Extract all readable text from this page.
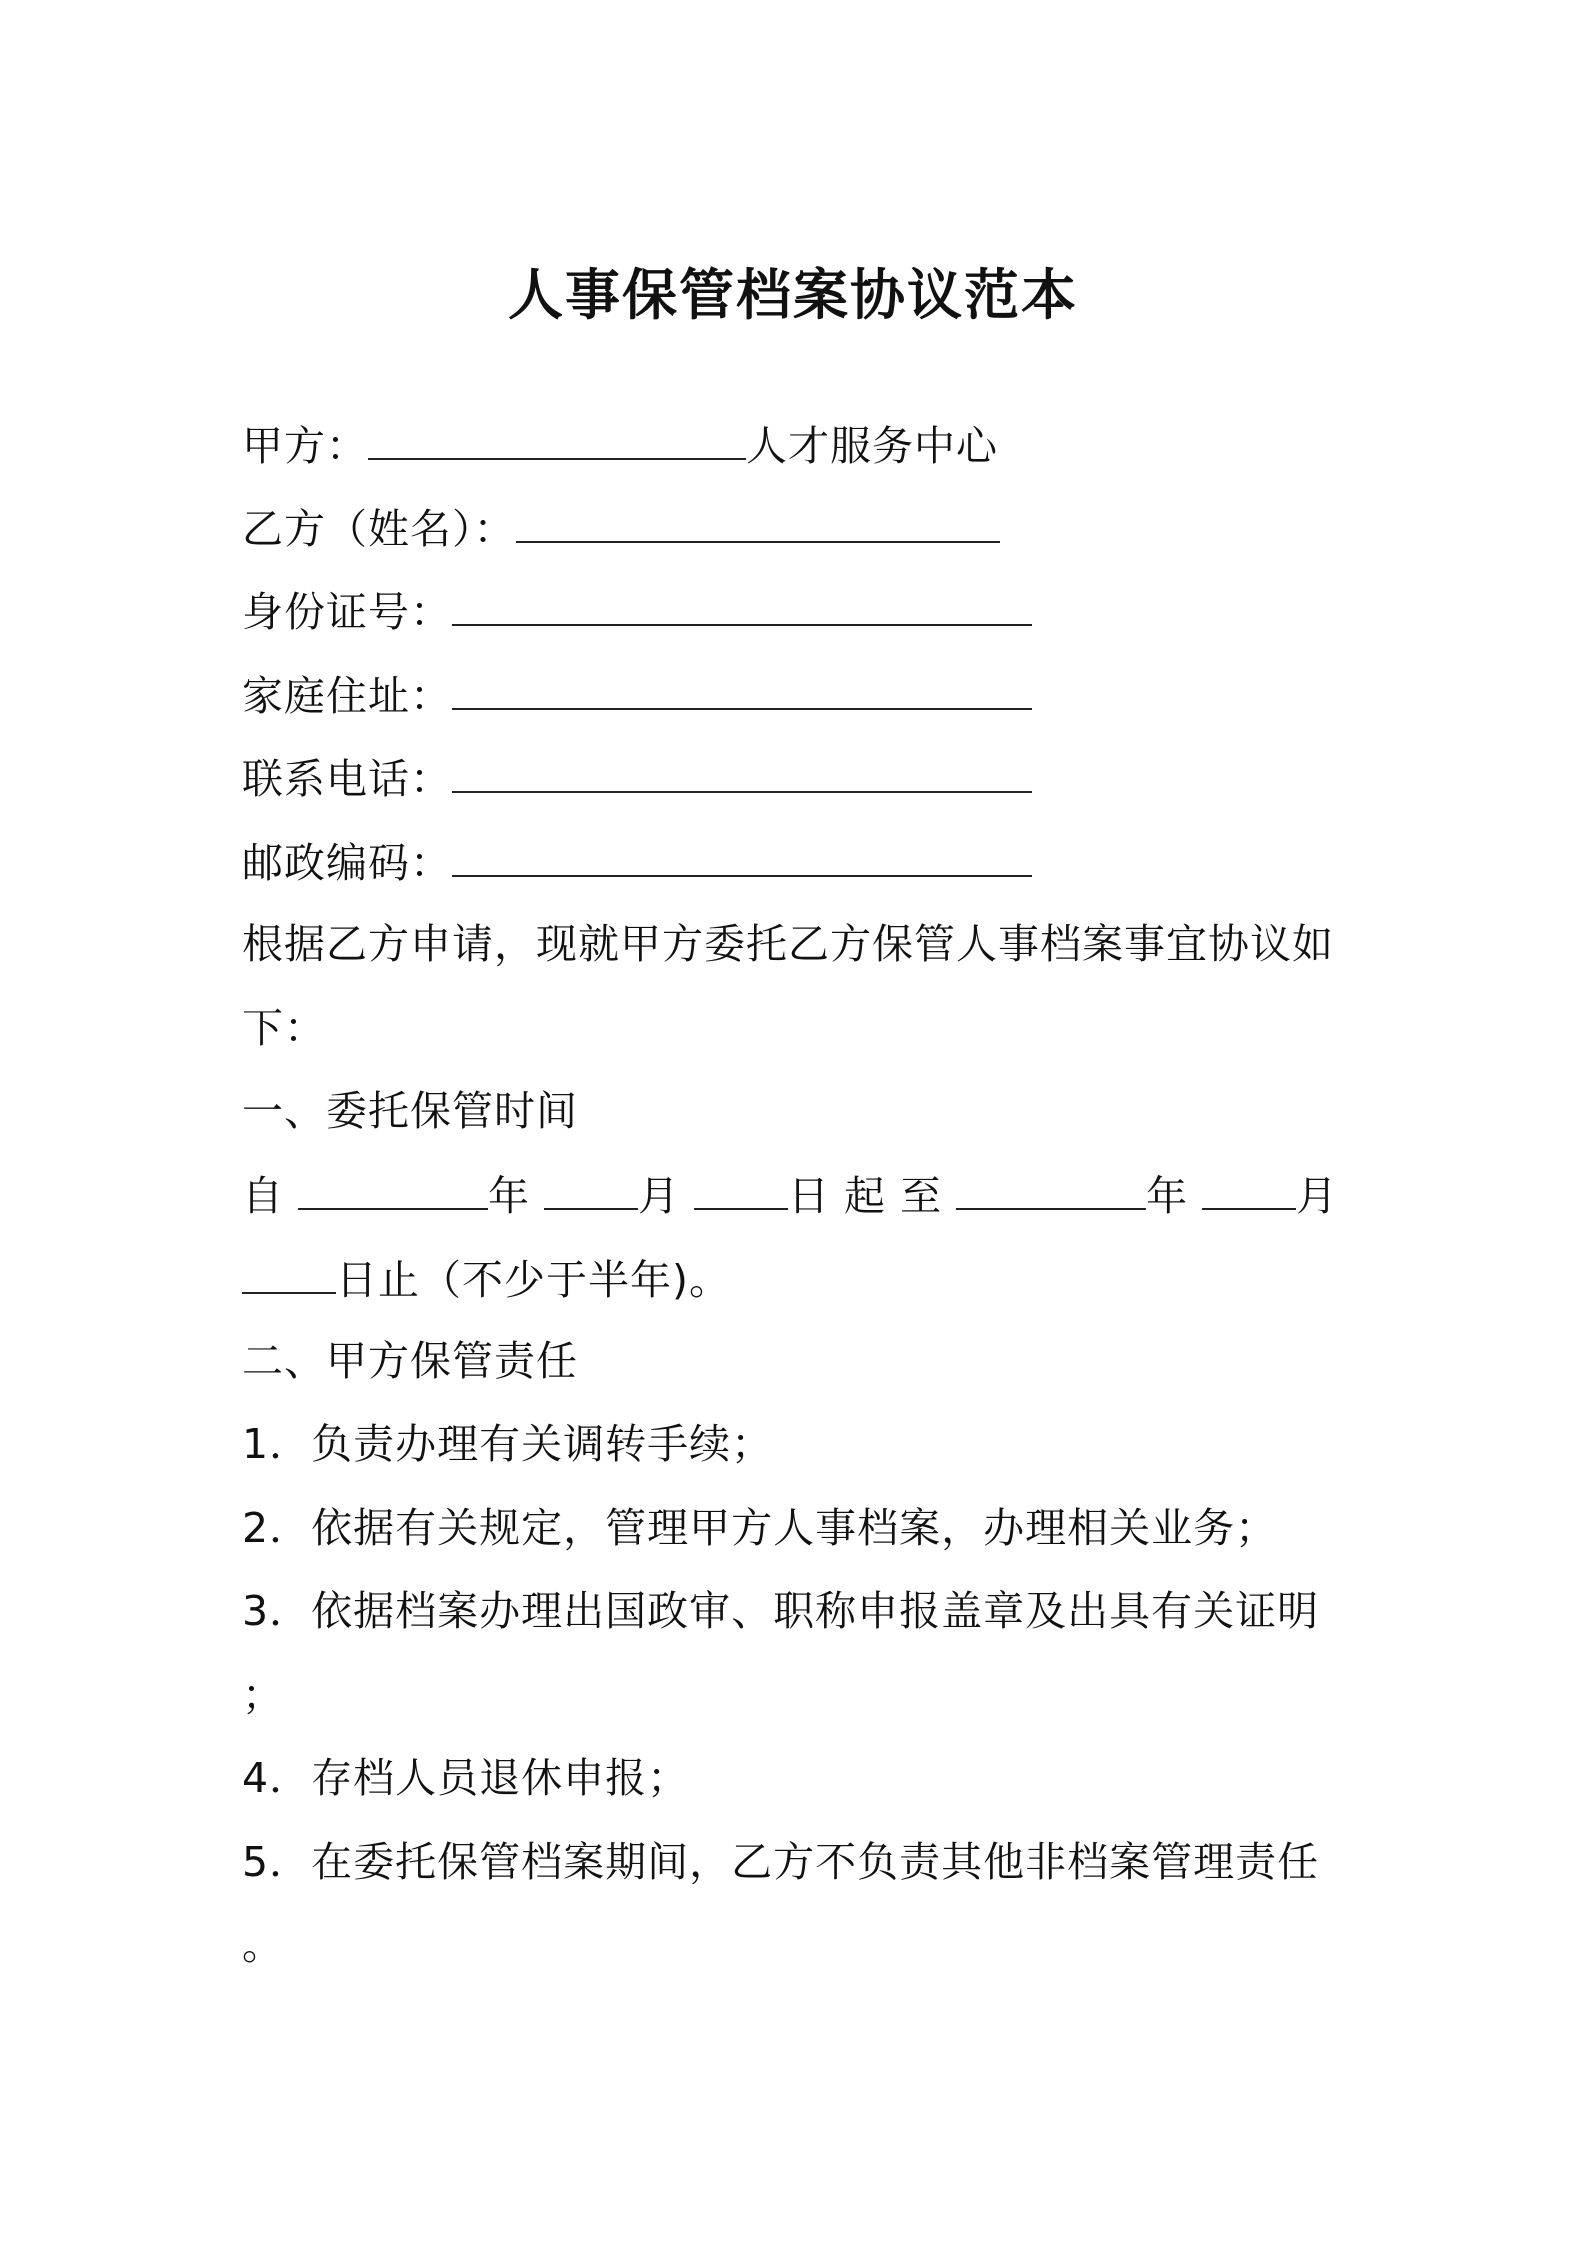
人事保管档案协议范本
甲方：	人才服务中心
乙方（姓名）：
身份证号：
家庭住址：
联系电话：
邮政编码：
根据乙方申请，现就甲方委托乙方保管人事档案事宜协议如
下：
一、委托保管时间
自	年	月	日 起 至	年	月
日止（不少于半年)。
二、甲方保管责任
1．负责办理有关调转手续；
2．依据有关规定，管理甲方人事档案，办理相关业务；
3．依据档案办理出国政审、职称申报盖章及出具有关证明
；
4．存档人员退休申报；
5．在委托保管档案期间，乙方不负责其他非档案管理责任
。
